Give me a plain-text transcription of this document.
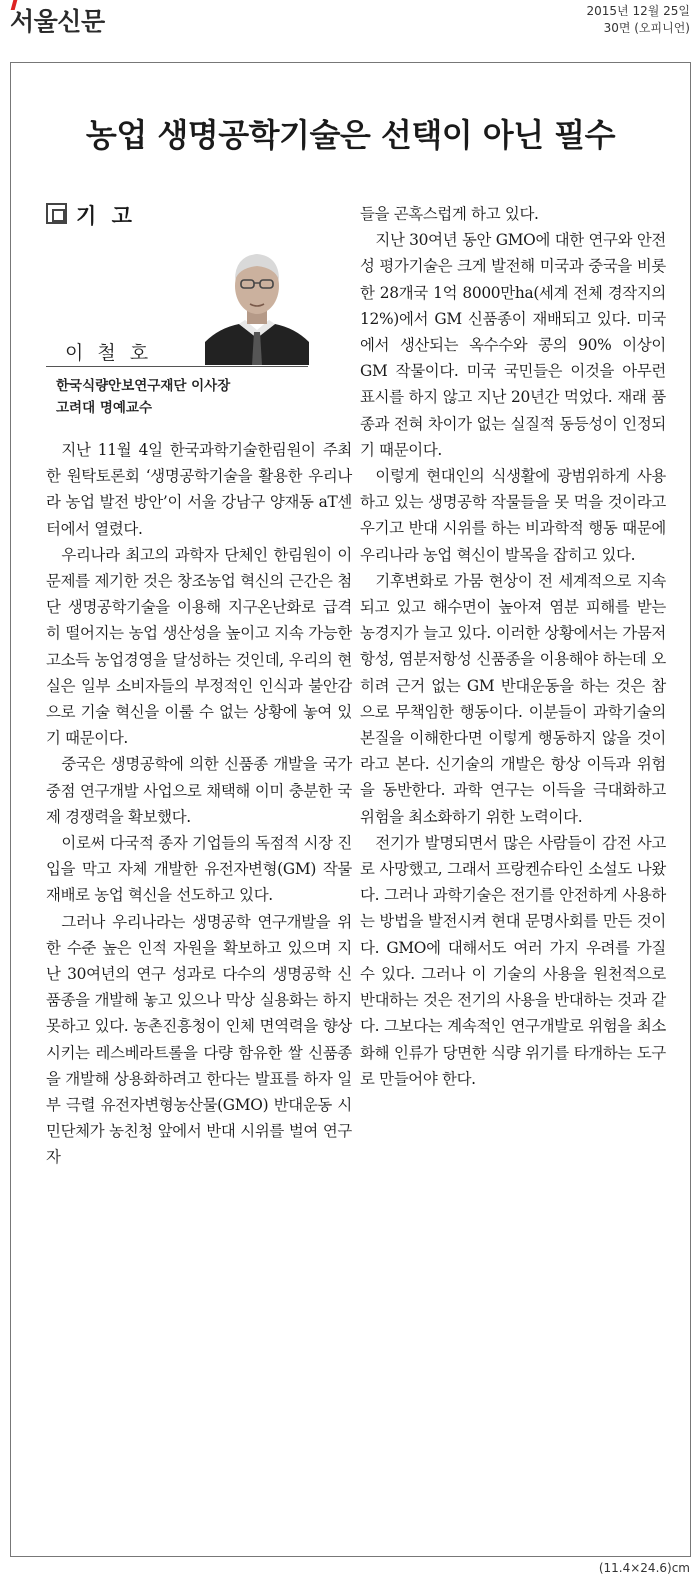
서울신문	2015년 12월 25일
30면 (오피니언)
농업 생명공학기술은 선택이 아닌 필수
기 고
이 철 호
한국식량안보연구재단 이사장
고려대 명예교수

지난 11월 4일 한국과학기술한림원이 주최한 원탁토론회 ‘생명공학기술을 활용한 우리나라 농업 발전 방안’이 서울 강남구 양재동 aT센터에서 열렸다.

우리나라 최고의 과학자 단체인 한림원이 이 문제를 제기한 것은 창조농업 혁신의 근간은 첨단 생명공학기술을 이용해 지구온난화로 급격히 떨어지는 농업 생산성을 높이고 지속 가능한 고소득 농업경영을 달성하는 것인데, 우리의 현실은 일부 소비자들의 부정적인 인식과 불안감으로 기술 혁신을 이룰 수 없는 상황에 놓여 있기 때문이다.

중국은 생명공학에 의한 신품종 개발을 국가 중점 연구개발 사업으로 채택해 이미 충분한 국제 경쟁력을 확보했다.

이로써 다국적 종자 기업들의 독점적 시장 진입을 막고 자체 개발한 유전자변형(GM) 작물 재배로 농업 혁신을 선도하고 있다.

그러나 우리나라는 생명공학 연구개발을 위한 수준 높은 인적 자원을 확보하고 있으며 지난 30여년의 연구 성과로 다수의 생명공학 신품종을 개발해 놓고 있으나 막상 실용화는 하지 못하고 있다. 농촌진흥청이 인체 면역력을 향상시키는 레스베라트롤을 다량 함유한 쌀 신품종을 개발해 상용화하려고 한다는 발표를 하자 일부 극렬 유전자변형농산물(GMO) 반대운동 시민단체가 농친청 앞에서 반대 시위를 벌여 연구자

들을 곤혹스럽게 하고 있다.

지난 30여년 동안 GMO에 대한 연구와 안전성 평가기술은 크게 발전해 미국과 중국을 비롯한 28개국 1억 8000만ha(세계 전체 경작지의 12%)에서 GM 신품종이 재배되고 있다. 미국에서 생산되는 옥수수와 콩의 90% 이상이 GM 작물이다. 미국 국민들은 이것을 아무런 표시를 하지 않고 지난 20년간 먹었다. 재래 품종과 전혀 차이가 없는 실질적 동등성이 인정되기 때문이다.

이렇게 현대인의 식생활에 광범위하게 사용하고 있는 생명공학 작물들을 못 먹을 것이라고 우기고 반대 시위를 하는 비과학적 행동 때문에 우리나라 농업 혁신이 발목을 잡히고 있다.

기후변화로 가뭄 현상이 전 세계적으로 지속되고 있고 해수면이 높아져 염분 피해를 받는 농경지가 늘고 있다. 이러한 상황에서는 가뭄저항성, 염분저항성 신품종을 이용해야 하는데 오히려 근거 없는 GM 반대운동을 하는 것은 참으로 무책임한 행동이다. 이분들이 과학기술의 본질을 이해한다면 이렇게 행동하지 않을 것이라고 본다. 신기술의 개발은 항상 이득과 위험을 동반한다. 과학 연구는 이득을 극대화하고 위험을 최소화하기 위한 노력이다.

전기가 발명되면서 많은 사람들이 감전 사고로 사망했고, 그래서 프랑켄슈타인 소설도 나왔다. 그러나 과학기술은 전기를 안전하게 사용하는 방법을 발전시켜 현대 문명사회를 만든 것이다. GMO에 대해서도 여러 가지 우려를 가질 수 있다. 그러나 이 기술의 사용을 원천적으로 반대하는 것은 전기의 사용을 반대하는 것과 같다. 그보다는 계속적인 연구개발로 위험을 최소화해 인류가 당면한 식량 위기를 타개하는 도구로 만들어야 한다.

(11.4×24.6)cm
